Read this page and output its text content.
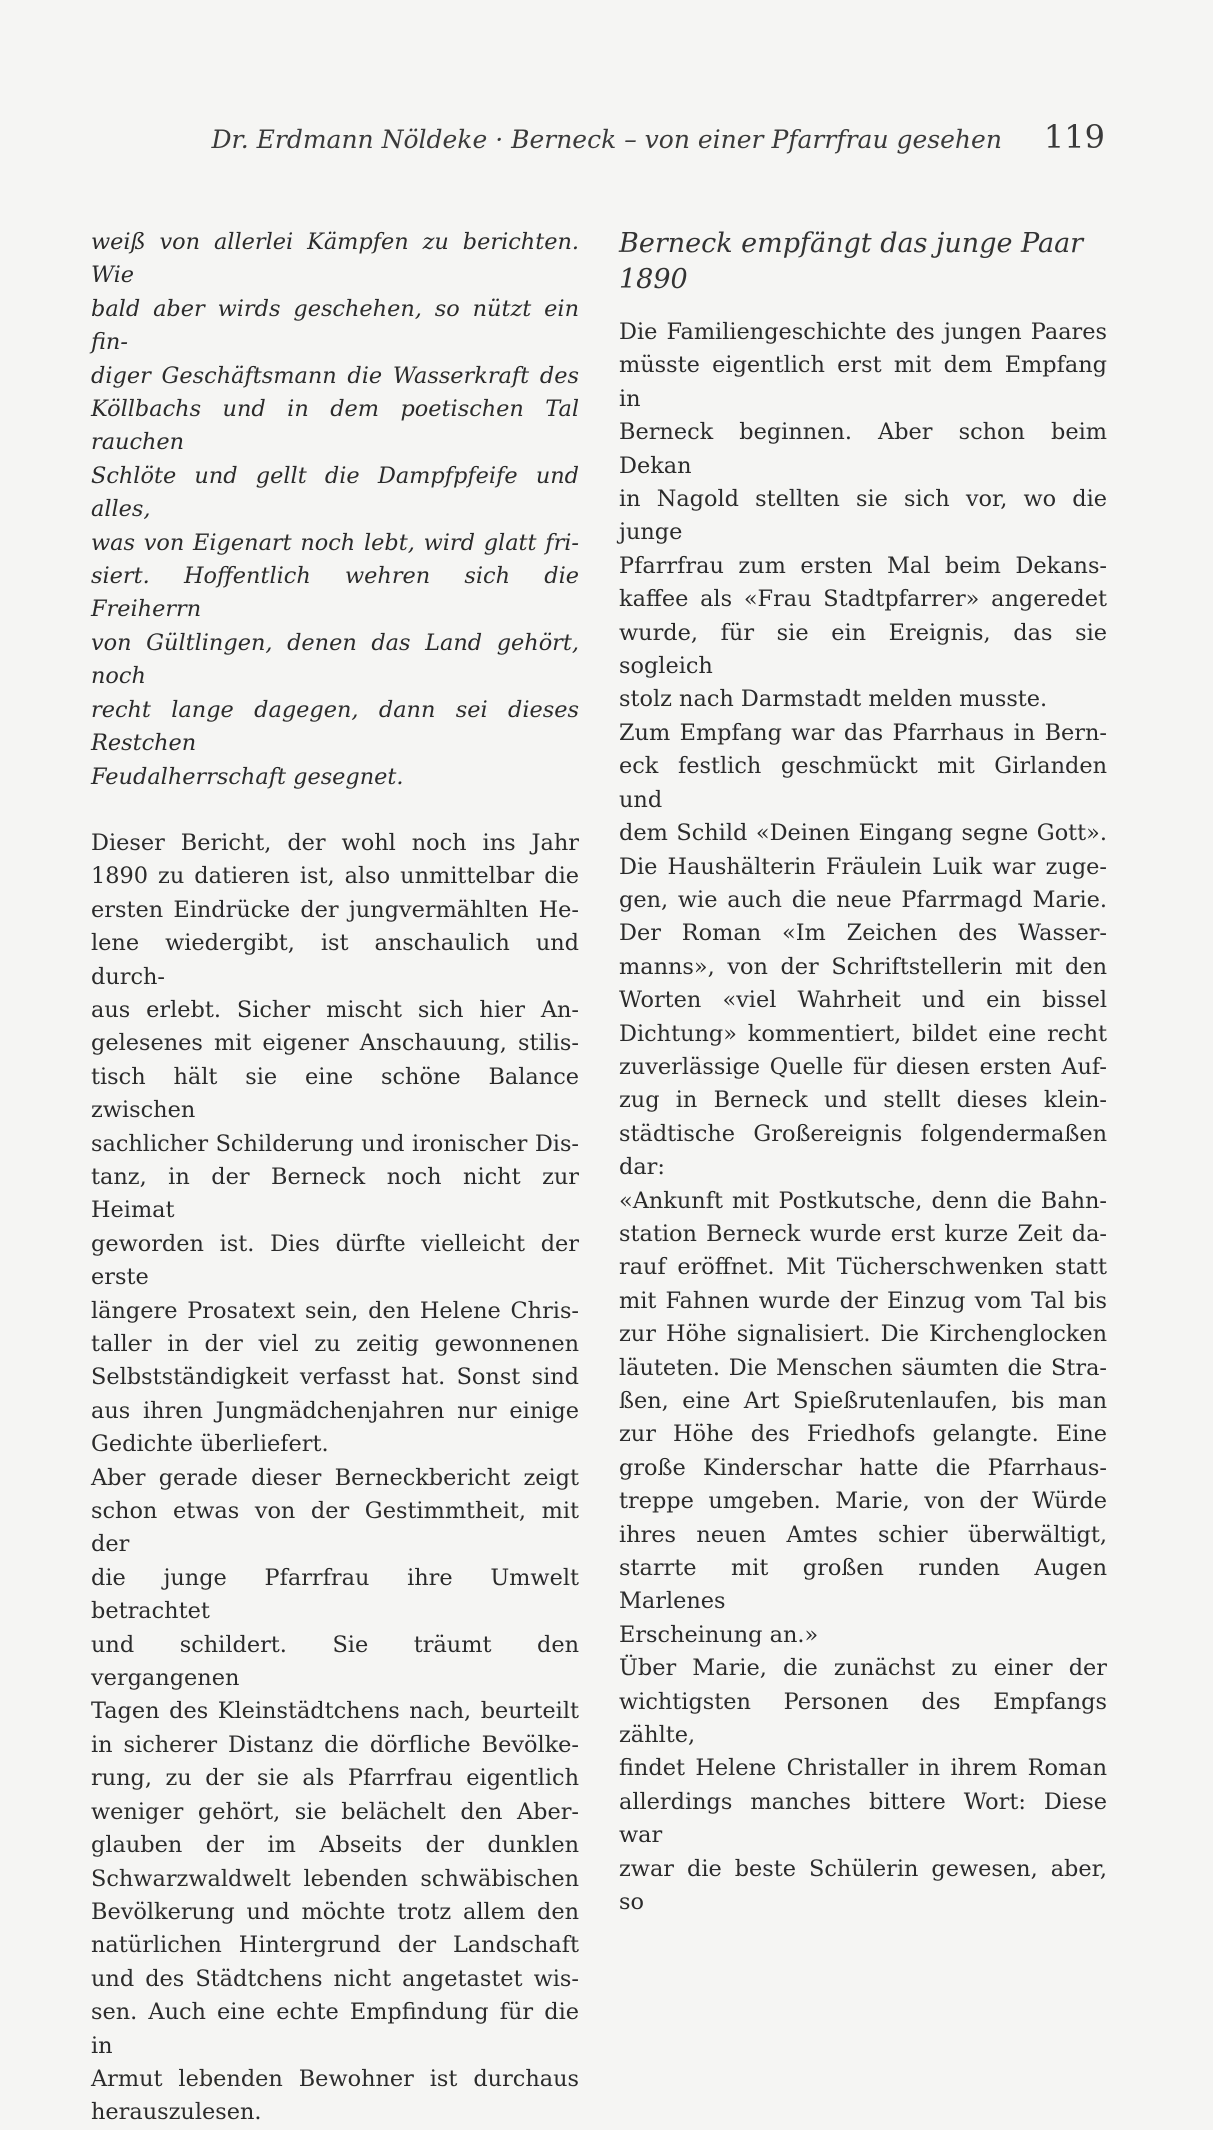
Dr. Erdmann Nöldeke · Berneck – von einer Pfarrfrau gesehen 119
weiß von allerlei Kämpfen zu berichten. Wie
bald aber wirds geschehen, so nützt ein fin-
diger Geschäftsmann die Wasserkraft des
Köllbachs und in dem poetischen Tal rauchen
Schlöte und gellt die Dampfpfeife und alles,
was von Eigenart noch lebt, wird glatt fri-
siert. Hoffentlich wehren sich die Freiherrn
von Gültlingen, denen das Land gehört, noch
recht lange dagegen, dann sei dieses Restchen
Feudalherrschaft gesegnet.

Dieser Bericht, der wohl noch ins Jahr
1890 zu datieren ist, also unmittelbar die
ersten Eindrücke der jungvermählten He-
lene wiedergibt, ist anschaulich und durch-
aus erlebt. Sicher mischt sich hier An-
gelesenes mit eigener Anschauung, stilis-
tisch hält sie eine schöne Balance zwischen
sachlicher Schilderung und ironischer Dis-
tanz, in der Berneck noch nicht zur Heimat
geworden ist. Dies dürfte vielleicht der erste
längere Prosatext sein, den Helene Chris-
taller in der viel zu zeitig gewonnenen
Selbstständigkeit verfasst hat. Sonst sind
aus ihren Jungmädchenjahren nur einige
Gedichte überliefert.

Aber gerade dieser Berneckbericht zeigt
schon etwas von der Gestimmtheit, mit der
die junge Pfarrfrau ihre Umwelt betrachtet
und schildert. Sie träumt den vergangenen
Tagen des Kleinstädtchens nach, beurteilt
in sicherer Distanz die dörfliche Bevölke-
rung, zu der sie als Pfarrfrau eigentlich
weniger gehört, sie belächelt den Aber-
glauben der im Abseits der dunklen
Schwarzwaldwelt lebenden schwäbischen
Bevölkerung und möchte trotz allem den
natürlichen Hintergrund der Landschaft
und des Städtchens nicht angetastet wis-
sen. Auch eine echte Empfindung für die in
Armut lebenden Bewohner ist durchaus
herauszulesen.

Berneck empfängt das junge Paar
1890

Die Familiengeschichte des jungen Paares
müsste eigentlich erst mit dem Empfang in
Berneck beginnen. Aber schon beim Dekan
in Nagold stellten sie sich vor, wo die junge
Pfarrfrau zum ersten Mal beim Dekans-
kaffee als «Frau Stadtpfarrer» angeredet
wurde, für sie ein Ereignis, das sie sogleich
stolz nach Darmstadt melden musste.

Zum Empfang war das Pfarrhaus in Bern-
eck festlich geschmückt mit Girlanden und
dem Schild «Deinen Eingang segne Gott».
Die Haushälterin Fräulein Luik war zuge-
gen, wie auch die neue Pfarrmagd Marie.
Der Roman «Im Zeichen des Wasser-
manns», von der Schriftstellerin mit den
Worten «viel Wahrheit und ein bissel
Dichtung» kommentiert, bildet eine recht
zuverlässige Quelle für diesen ersten Auf-
zug in Berneck und stellt dieses klein-
städtische Großereignis folgendermaßen
dar:

«Ankunft mit Postkutsche, denn die Bahn-
station Berneck wurde erst kurze Zeit da-
rauf eröffnet. Mit Tücherschwenken statt
mit Fahnen wurde der Einzug vom Tal bis
zur Höhe signalisiert. Die Kirchenglocken
läuteten. Die Menschen säumten die Stra-
ßen, eine Art Spießrutenlaufen, bis man
zur Höhe des Friedhofs gelangte. Eine
große Kinderschar hatte die Pfarrhaus-
treppe umgeben. Marie, von der Würde
ihres neuen Amtes schier überwältigt,
starrte mit großen runden Augen Marlenes
Erscheinung an.»

Über Marie, die zunächst zu einer der
wichtigsten Personen des Empfangs zählte,
findet Helene Christaller in ihrem Roman
allerdings manches bittere Wort: Diese war
zwar die beste Schülerin gewesen, aber, so
